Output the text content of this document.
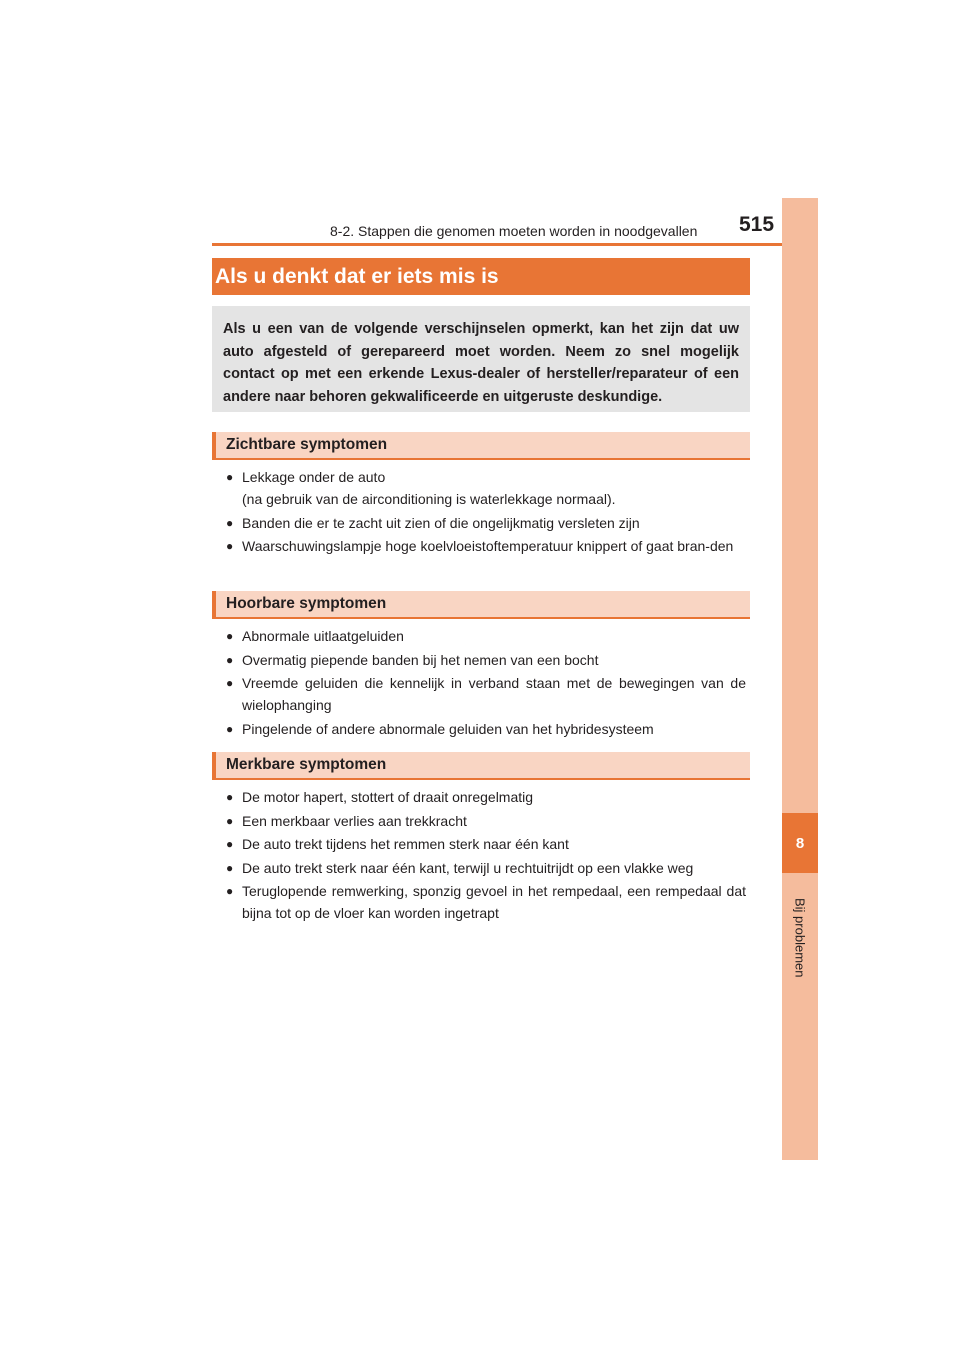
8-2. Stappen die genomen moeten worden in noodgevallen 515
8
Bij problemen
Als u denkt dat er iets mis is
Als u een van de volgende verschijnselen opmerkt, kan het zijn dat uw auto afgesteld of gerepareerd moet worden. Neem zo snel mogelijk contact op met een erkende Lexus-dealer of hersteller/reparateur of een andere naar behoren gekwalificeerde en uitgeruste deskundige.
Zichtbare symptomen
● Lekkage onder de auto
(na gebruik van de airconditioning is waterlekkage normaal).
● Banden die er te zacht uit zien of die ongelijkmatig versleten zijn
● Waarschuwingslampje hoge koelvloeistoftemperatuur knippert of gaat bran-den
Hoorbare symptomen
● Abnormale uitlaatgeluiden
● Overmatig piepende banden bij het nemen van een bocht
● Vreemde geluiden die kennelijk in verband staan met de bewegingen van de wielophanging
● Pingelende of andere abnormale geluiden van het hybridesysteem
Merkbare symptomen
● De motor hapert, stottert of draait onregelmatig
● Een merkbaar verlies aan trekkracht
● De auto trekt tijdens het remmen sterk naar één kant
● De auto trekt sterk naar één kant, terwijl u rechtuitrijdt op een vlakke weg
● Teruglopende remwerking, sponzig gevoel in het rempedaal, een rempedaal dat bijna tot op de vloer kan worden ingetrapt
